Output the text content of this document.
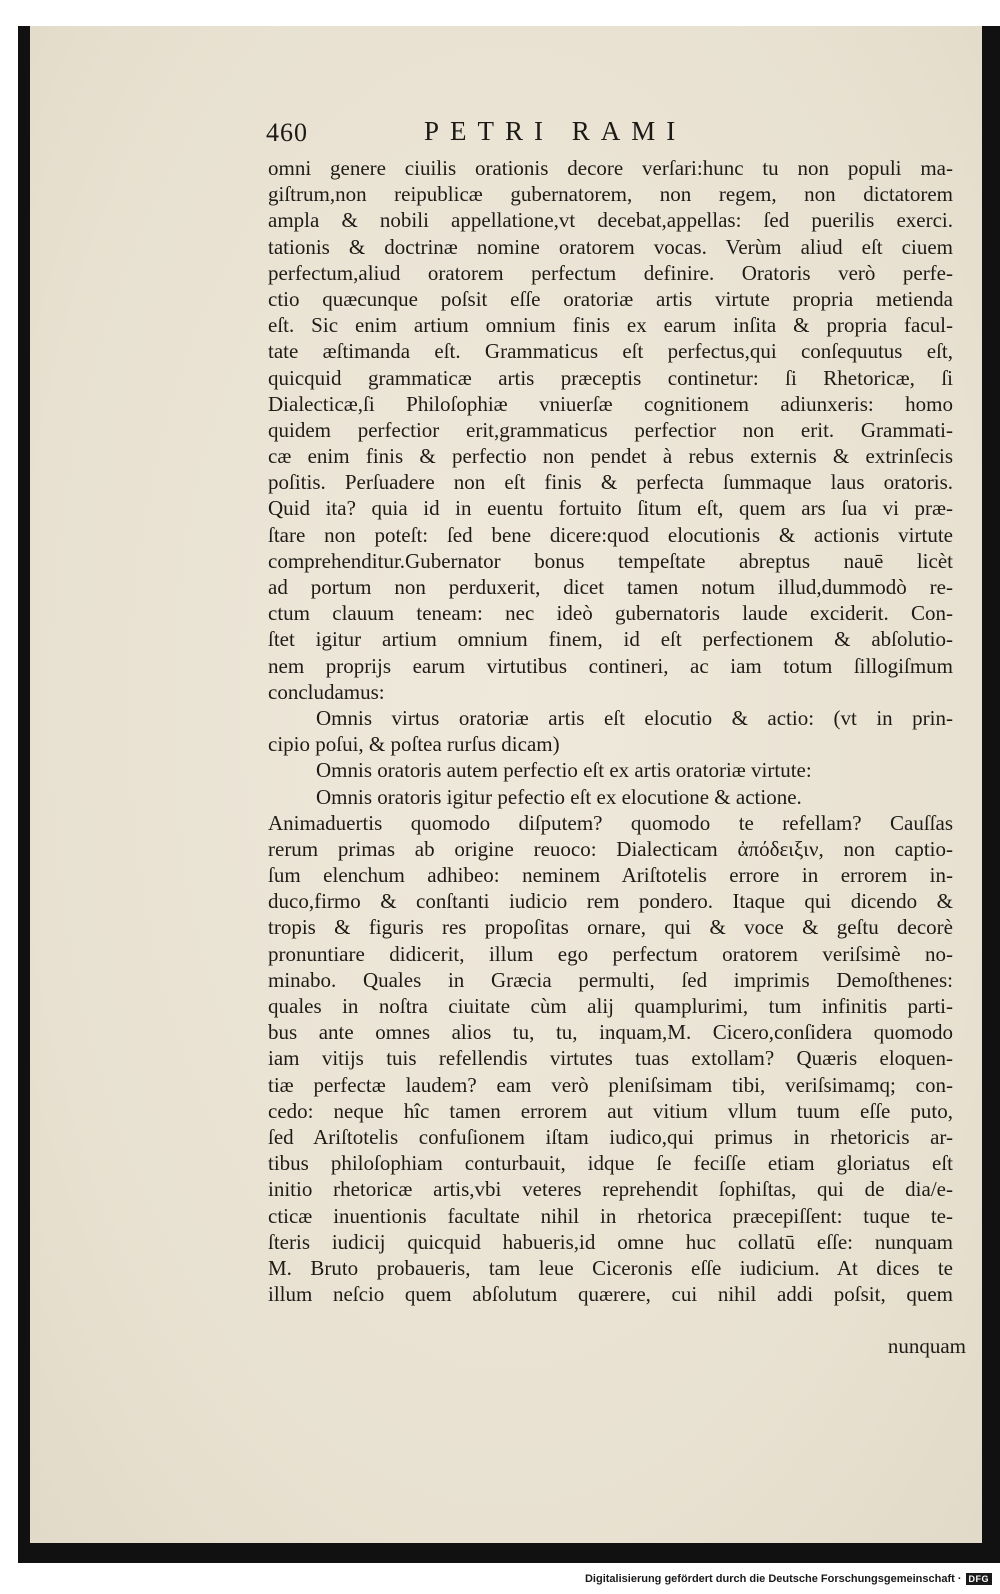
460	PETRI RAMI
omni genere ciuilis orationis decore verſari:hunc tu non populi ma-
giſtrum,non reipublicæ gubernatorem, non regem, non dictatorem
ampla & nobili appellatione,vt decebat,appellas: ſed puerilis exerci.
tationis & doctrinæ nomine oratorem vocas. Verùm aliud eſt ciuem
perfectum,aliud oratorem perfectum definire. Oratoris verò perfe-
ctio quæcunque poſsit eſſe oratoriæ artis virtute propria metienda
eſt. Sic enim artium omnium finis ex earum inſita & propria facul-
tate æſtimanda eſt. Grammaticus eſt perfectus,qui conſequutus eſt,
quicquid grammaticæ artis præceptis continetur: ſi Rhetoricæ, ſi
Dialecticæ,ſi Philoſophiæ vniuerſæ cognitionem adiunxeris: homo
quidem perfectior erit,grammaticus perfectior non erit. Grammati-
cæ enim finis & perfectio non pendet à rebus externis & extrinſecis
poſitis. Perſuadere non eſt finis & perfecta ſummaque laus oratoris.
Quid ita? quia id in euentu fortuito ſitum eſt, quem ars ſua vi præ-
ſtare non poteſt: ſed bene dicere:quod elocutionis & actionis virtute
comprehenditur.Gubernator bonus tempeſtate abreptus nauē licèt
ad portum non perduxerit, dicet tamen notum illud,dummodò re-
ctum clauum teneam: nec ideò gubernatoris laude exciderit. Con-
ſtet igitur artium omnium finem, id eſt perfectionem & abſolutio-
nem proprijs earum virtutibus contineri, ac iam totum ſillogiſmum
concludamus:
Omnis virtus oratoriæ artis eſt elocutio & actio: (vt in prin-
cipio poſui, & poſtea rurſus dicam)
Omnis oratoris autem perfectio eſt ex artis oratoriæ virtute:
Omnis oratoris igitur pefectio eſt ex elocutione & actione.
Animaduertis quomodo diſputem? quomodo te refellam? Cauſſas
rerum primas ab origine reuoco: Dialecticam ἀπόδειξιν, non captio-
ſum elenchum adhibeo: neminem Ariſtotelis errore in errorem in-
duco,firmo & conſtanti iudicio rem pondero. Itaque qui dicendo &
tropis & figuris res propoſitas ornare, qui & voce & geſtu decorè
pronuntiare didicerit, illum ego perfectum oratorem veriſsimè no-
minabo. Quales in Græcia permulti, ſed imprimis Demoſthenes:
quales in noſtra ciuitate cùm alij quamplurimi, tum infinitis parti-
bus ante omnes alios tu, tu, inquam,M. Cicero,conſidera quomodo
iam vitijs tuis refellendis virtutes tuas extollam? Quæris eloquen-
tiæ perfectæ laudem? eam verò pleniſsimam tibi, veriſsimamq; con-
cedo: neque hîc tamen errorem aut vitium vllum tuum eſſe puto,
ſed Ariſtotelis confuſionem iſtam iudico,qui primus in rhetoricis ar-
tibus philoſophiam conturbauit, idque ſe feciſſe etiam gloriatus eſt
initio rhetoricæ artis,vbi veteres reprehendit ſophiſtas, qui de dia/e-
cticæ inuentionis facultate nihil in rhetorica præcepiſſent: tuque te-
ſteris iudicij quicquid habueris,id omne huc collatū eſſe: nunquam
M. Bruto probaueris, tam leue Ciceronis eſſe iudicium. At dices te
illum neſcio quem abſolutum quærere, cui nihil addi poſsit, quem
nunquam
Digitalisierung gefördert durch die Deutsche Forschungsgemeinschaft · DFG
